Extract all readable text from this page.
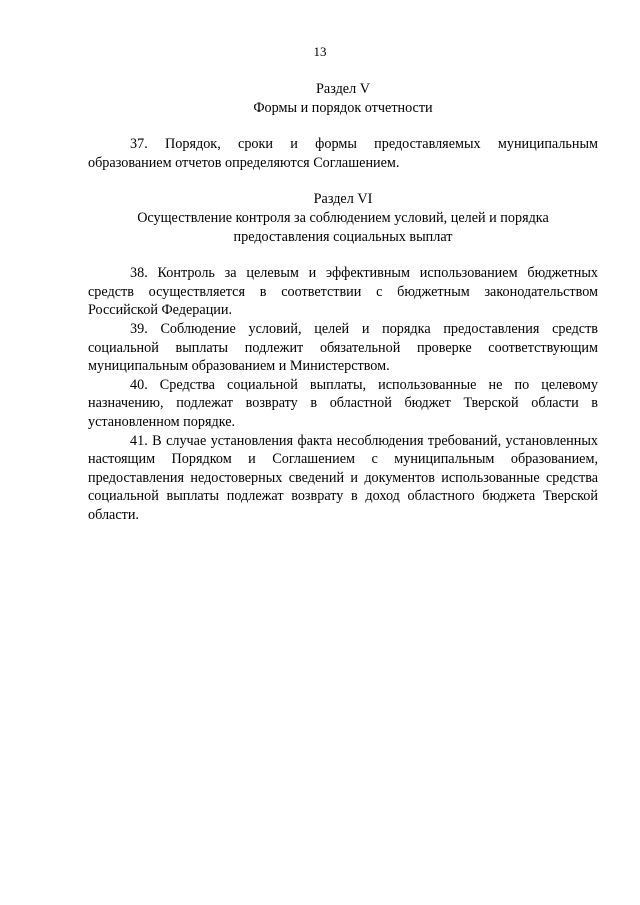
13
Раздел V
Формы и порядок отчетности

37. Порядок, сроки и формы предоставляемых муниципальным образованием отчетов определяются Соглашением.

Раздел VI
Осуществление контроля за соблюдением условий, целей и порядка
предоставления социальных выплат

38. Контроль за целевым и эффективным использованием бюджетных средств осуществляется в соответствии с бюджетным законодательством Российской Федерации.

39. Соблюдение условий, целей и порядка предоставления средств социальной выплаты подлежит обязательной проверке соответствующим муниципальным образованием и Министерством.

40. Средства социальной выплаты, использованные не по целевому назначению, подлежат возврату в областной бюджет Тверской области в установленном порядке.

41. В случае установления факта несоблюдения требований, установленных настоящим Порядком и Соглашением с муниципальным образованием, предоставления недостоверных сведений и документов использованные средства социальной выплаты подлежат возврату в доход областного бюджета Тверской области.
